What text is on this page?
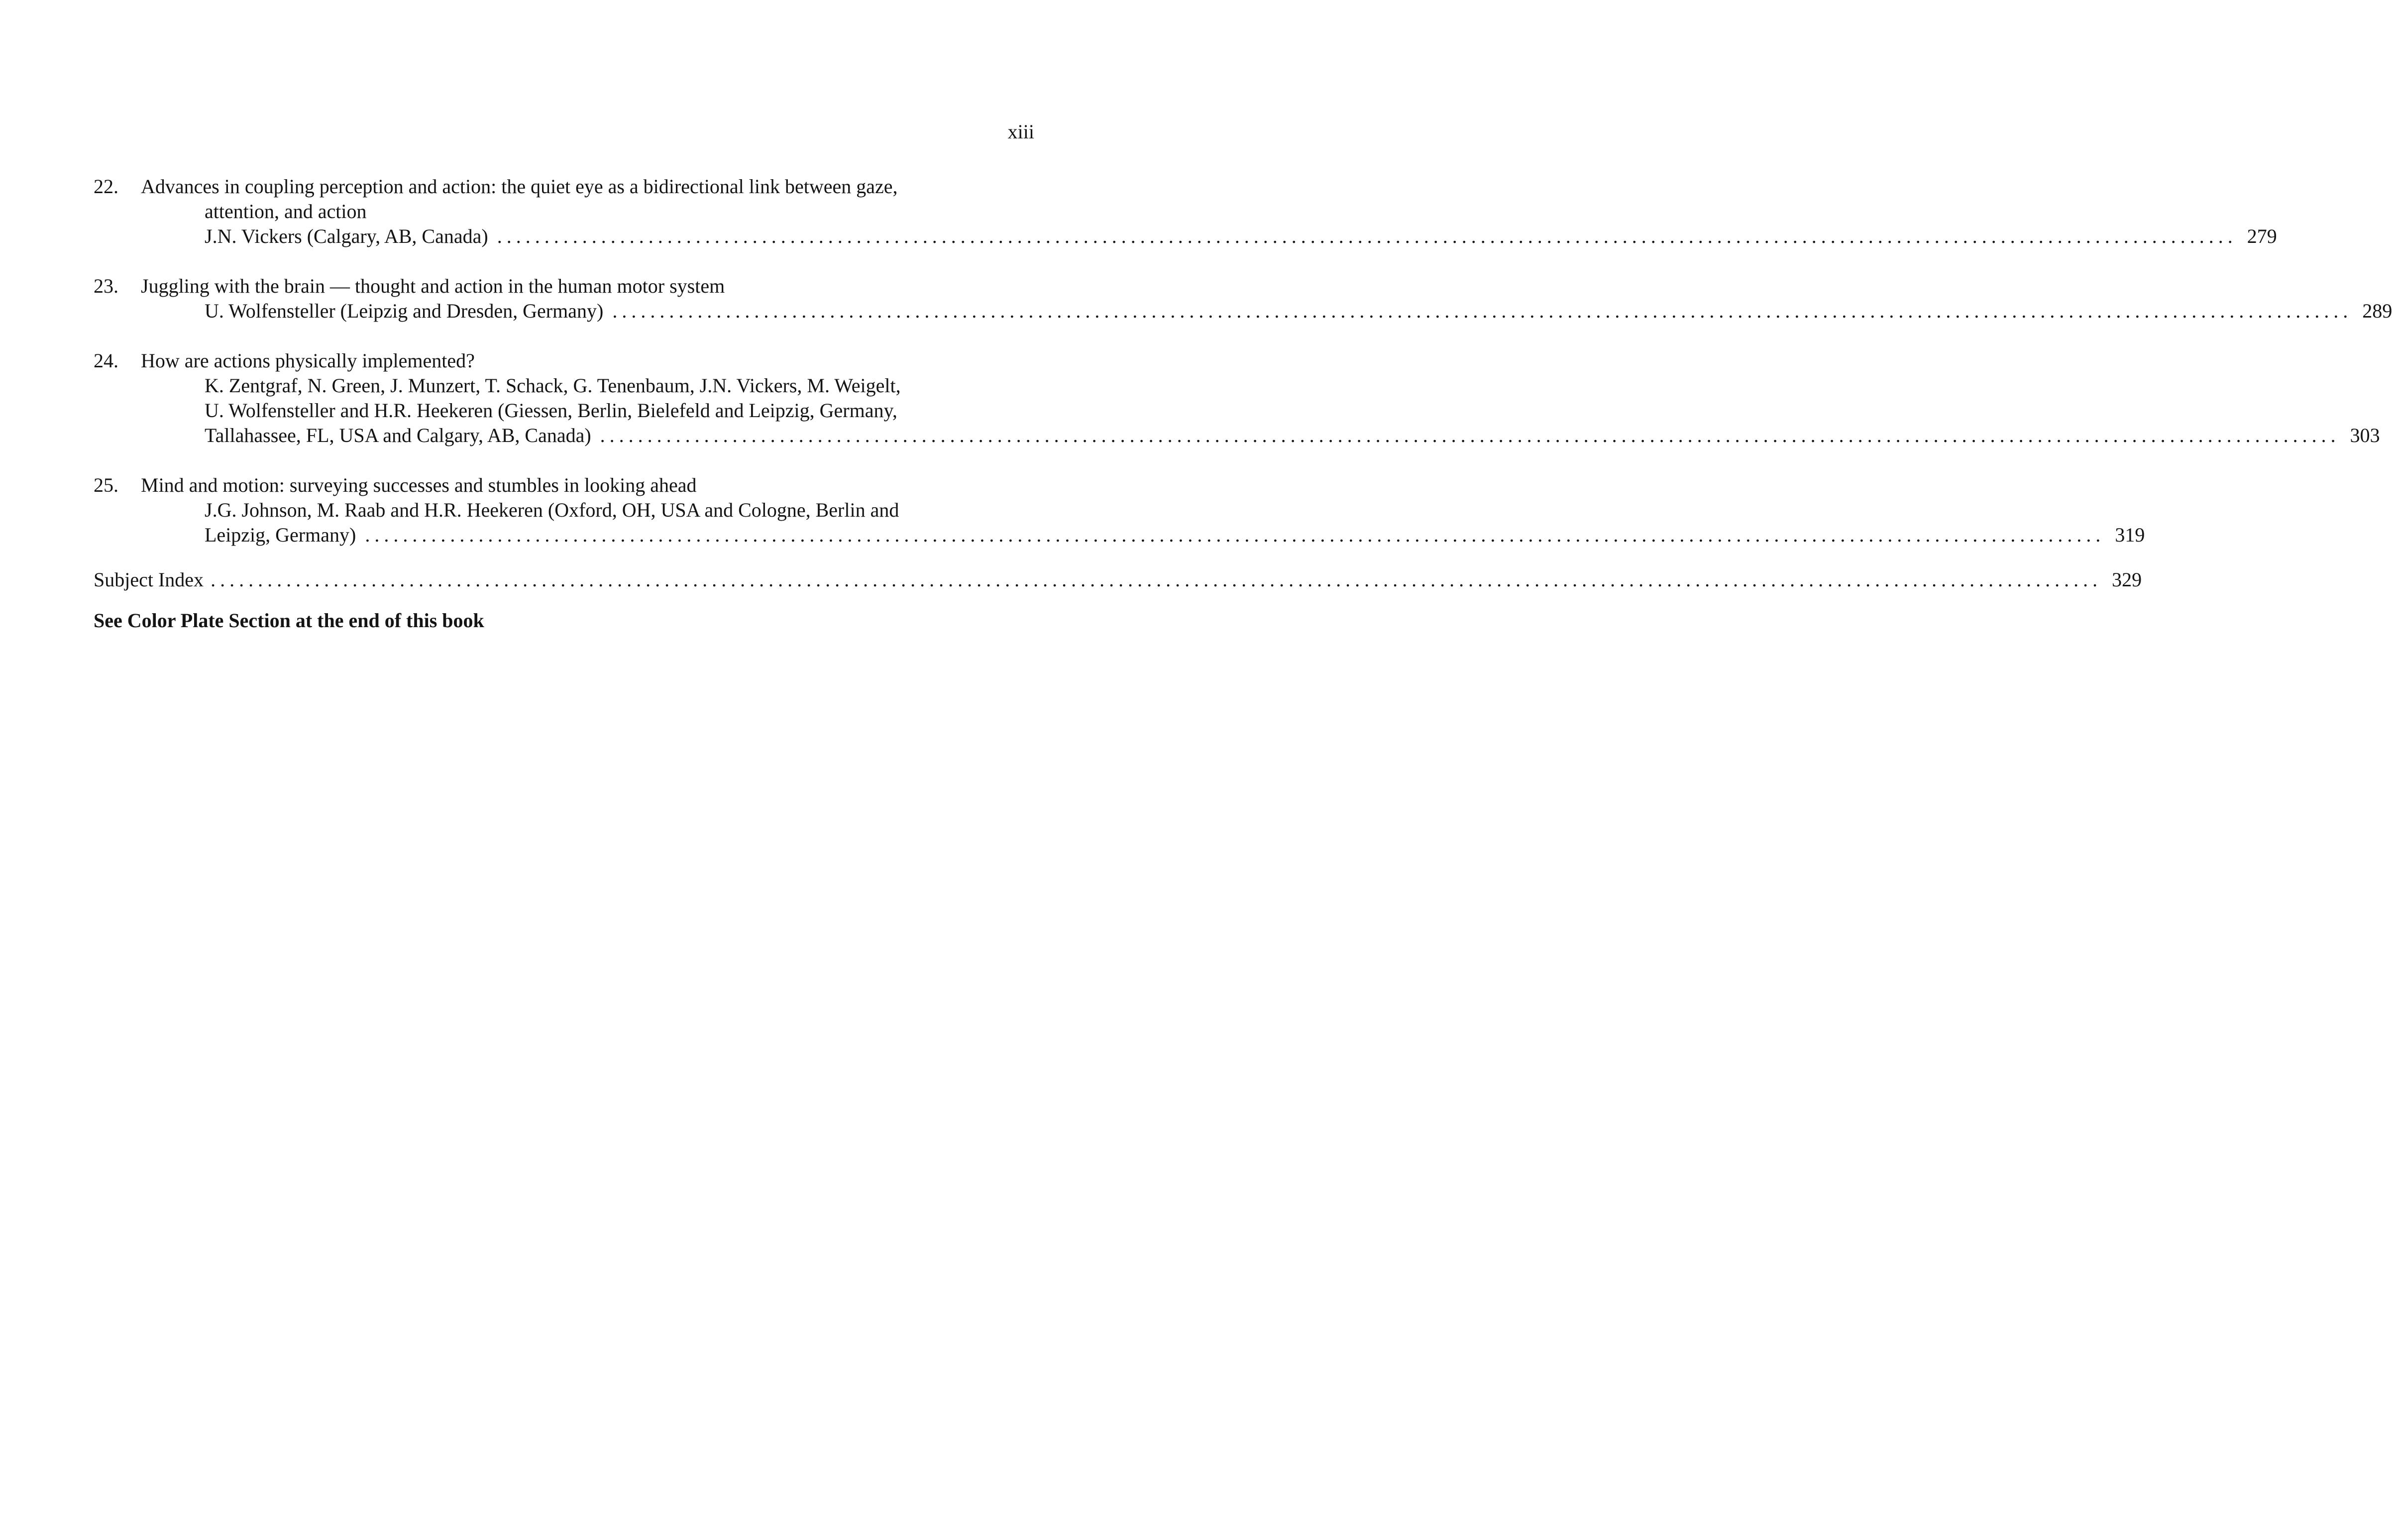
xiii
22.	Advances in coupling perception and action: the quiet eye as a bidirectional link between gaze,
attention, and action
J.N. Vickers (Calgary, AB, Canada) ........................................................................................................................................................................................ 279
23.	Juggling with the brain — thought and action in the human motor system
U. Wolfensteller (Leipzig and Dresden, Germany) ........................................................................................................................................................................................ 289
24.	How are actions physically implemented?
K. Zentgraf, N. Green, J. Munzert, T. Schack, G. Tenenbaum, J.N. Vickers, M. Weigelt,
U. Wolfensteller and H.R. Heekeren (Giessen, Berlin, Bielefeld and Leipzig, Germany,
Tallahassee, FL, USA and Calgary, AB, Canada) ........................................................................................................................................................................................ 303
25.	Mind and motion: surveying successes and stumbles in looking ahead
J.G. Johnson, M. Raab and H.R. Heekeren (Oxford, OH, USA and Cologne, Berlin and
Leipzig, Germany) ........................................................................................................................................................................................ 319
Subject Index ........................................................................................................................................................................................................ 329
See Color Plate Section at the end of this book
